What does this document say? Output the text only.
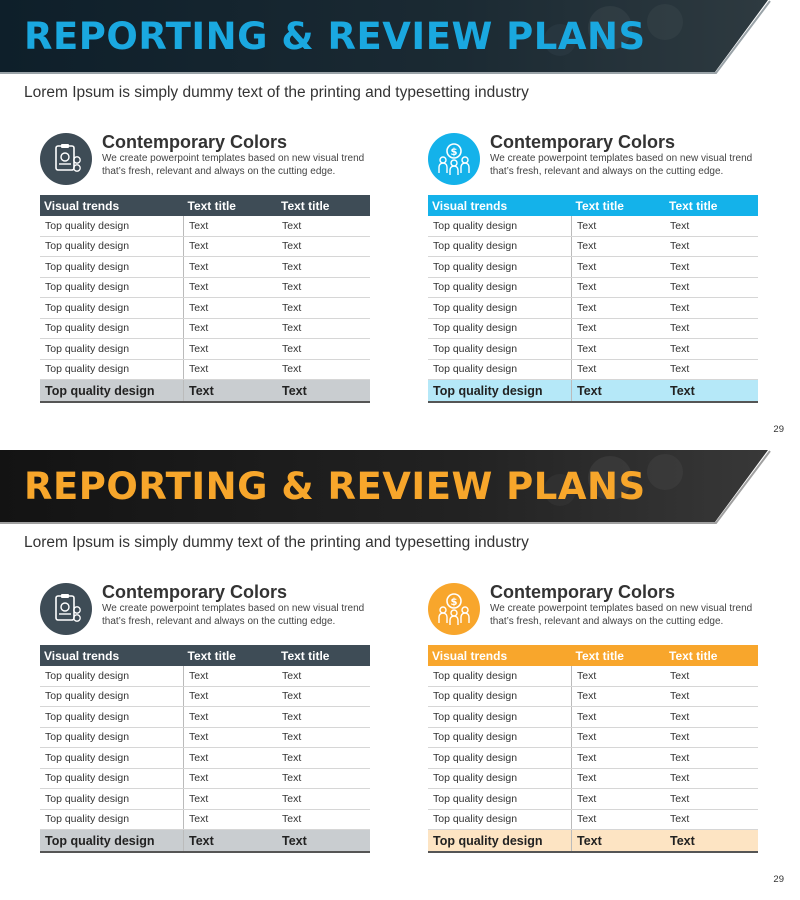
REPORTING & REVIEW PLANS
Lorem Ipsum is simply dummy text of the printing and typesetting industry
Contemporary Colors
We create powerpoint templates based on new visual trend that’s fresh, relevant and always on the cutting edge.
Visual trends	Text title	Text title
Top quality design	Text	Text
Top quality design	Text	Text
Top quality design	Text	Text
Top quality design	Text	Text
Top quality design	Text	Text
Top quality design	Text	Text
Top quality design	Text	Text
Top quality design	Text	Text
Top quality design	Text	Text
$
Contemporary Colors
We create powerpoint templates based on new visual trend that’s fresh, relevant and always on the cutting edge.
Visual trends	Text title	Text title
Top quality design	Text	Text
Top quality design	Text	Text
Top quality design	Text	Text
Top quality design	Text	Text
Top quality design	Text	Text
Top quality design	Text	Text
Top quality design	Text	Text
Top quality design	Text	Text
Top quality design	Text	Text
29
REPORTING & REVIEW PLANS
Lorem Ipsum is simply dummy text of the printing and typesetting industry
Contemporary Colors
We create powerpoint templates based on new visual trend that’s fresh, relevant and always on the cutting edge.
Visual trends	Text title	Text title
Top quality design	Text	Text
Top quality design	Text	Text
Top quality design	Text	Text
Top quality design	Text	Text
Top quality design	Text	Text
Top quality design	Text	Text
Top quality design	Text	Text
Top quality design	Text	Text
Top quality design	Text	Text
$
Contemporary Colors
We create powerpoint templates based on new visual trend that’s fresh, relevant and always on the cutting edge.
Visual trends	Text title	Text title
Top quality design	Text	Text
Top quality design	Text	Text
Top quality design	Text	Text
Top quality design	Text	Text
Top quality design	Text	Text
Top quality design	Text	Text
Top quality design	Text	Text
Top quality design	Text	Text
Top quality design	Text	Text
29
